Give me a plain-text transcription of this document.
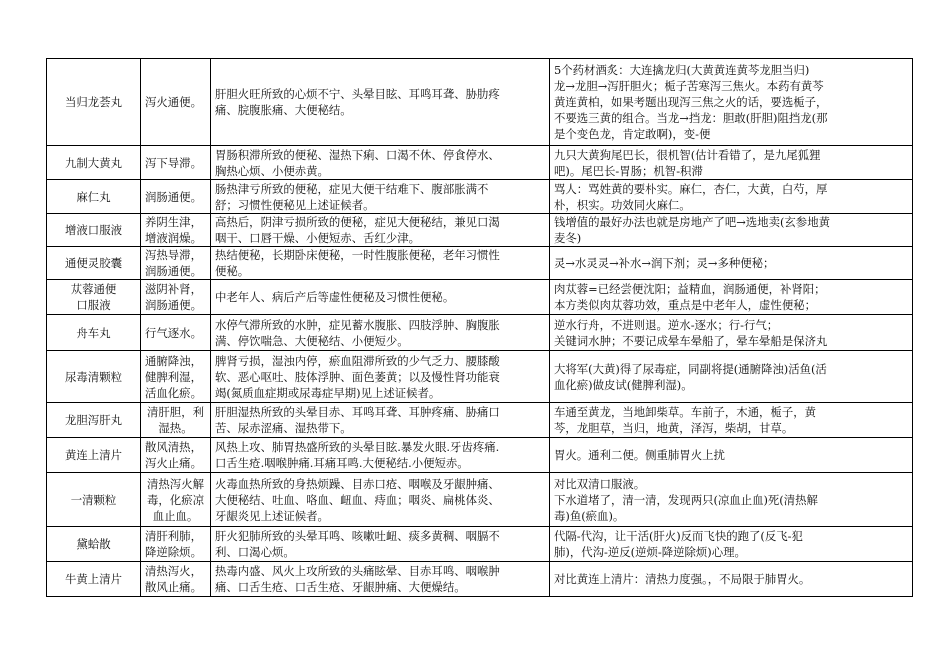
当归龙荟丸	泻火通便。	肝胆火旺所致的心烦不宁、头晕目眩、耳鸣耳聋、胁肋疼
痛、脘腹胀痛、大便秘结。	5个药材酒炙：大连擒龙归(大黄黄连黄芩龙胆当归)
龙→龙胆→泻肝胆火；栀子苦寒泻三焦火。本药有黄芩
黄连黄柏，如果考题出现泻三焦之火的话，要选栀子，
不要选三黄的组合。当龙→挡龙：胆敢(肝胆)阻挡龙(那
是个变色龙，肯定敢啊)，变-便

九制大黄丸	泻下导滞。	胃肠积滞所致的便秘、湿热下痢、口渴不休、停食停水、
胸热心烦、小便赤黄。	九只大黄狗尾巴长，很机智(估计看错了，是九尾狐狸
吧)。尾巴长-胃肠；机智-积滞

麻仁丸	润肠通便。	肠热津亏所致的便秘，症见大便干结难下、腹部胀满不
舒；习惯性便秘见上述证候者。	骂人：骂姓黄的要朴实。麻仁，杏仁，大黄，白芍，厚
朴，枳实。功效同火麻仁。

增液口服液	养阴生津，
增液润燥。	高热后，阴津亏损所致的便秘，症见大便秘结，兼见口渴
咽干、口唇干燥、小便短赤、舌红少津。	钱增值的最好办法也就是房地产了吧→选地卖(玄参地黄
麦冬)

通便灵胶囊	泻热导滞，
润肠通便。	热结便秘，长期卧床便秘，一时性腹胀便秘，老年习惯性
便秘。	灵→水灵灵→补水→润下剂；灵→多种便秘；

苁蓉通便
口服液	滋阴补肾，
润肠通便。	中老年人、病后产后等虚性便秘及习惯性便秘。	肉苁蓉=已经尝便沈阳；益精血，润肠通便，补肾阳；
本方类似肉苁蓉功效，重点是中老年人，虚性便秘；

舟车丸	行气逐水。	水停气滞所致的水肿，症见蓄水腹胀、四肢浮肿、胸腹胀
满、停饮喘急、大便秘结、小便短少。	逆水行舟，不进则退。逆水-逐水；行-行气；
关键词水肿；不要记成晕车晕船了，晕车晕船是保济丸

尿毒清颗粒	通腑降浊，
健脾利湿，
活血化瘀。	脾肾亏损，湿浊内停，瘀血阻滞所致的少气乏力、腰膝酸
软、恶心呕吐、肢体浮肿、面色萎黄；以及慢性肾功能衰
竭(氮质血症期或尿毒症早期)见上述证候者。	大将军(大黄)得了尿毒症，同副将提(通腑降浊)活鱼(活
血化瘀)做皮试(健脾利湿)。

龙胆泻肝丸	清肝胆，利
湿热。	肝胆湿热所致的头晕目赤、耳鸣耳聋、耳肿疼痛、胁痛口
苦、尿赤涩痛、湿热带下。	车通至黄龙，当地卸柴草。车前子，木通，栀子，黄
芩，龙胆草，当归，地黄，泽泻，柴胡，甘草。

黄连上清片	散风清热，
泻火止痛。	风热上攻、肺胃热盛所致的头晕目眩.暴发火眼.牙齿疼痛.
口舌生疮.咽喉肿痛.耳痛耳鸣.大便秘结.小便短赤。	胃火。通利二便。侧重肺胃火上扰

一清颗粒	清热泻火解
毒，化瘀凉
血止血。	火毒血热所致的身热烦躁、目赤口疮、咽喉及牙龈肿痛、
大便秘结、吐血、咯血、衄血、痔血；咽炎、扁桃体炎、
牙龈炎见上述证候者。	对比双清口服液。
下水道堵了，清一清，发现两只(凉血止血)死(清热解
毒)鱼(瘀血)。

黛蛤散	清肝利肺，
降逆除烦。	肝火犯肺所致的头晕耳鸣、咳嗽吐衄、痰多黄稠、咽膈不
利、口渴心烦。	代隔-代沟，让干活(肝火)反而飞快的跑了(反飞-犯
肺)，代沟-逆反(逆烦-降逆除烦)心理。

牛黄上清片	清热泻火，
散风止痛。	热毒内盛、风火上攻所致的头痛眩晕、目赤耳鸣、咽喉肿
痛、口舌生疮、口舌生疮、牙龈肿痛、大便燥结。	对比黄连上清片：清热力度强。，不局限于肺胃火。
